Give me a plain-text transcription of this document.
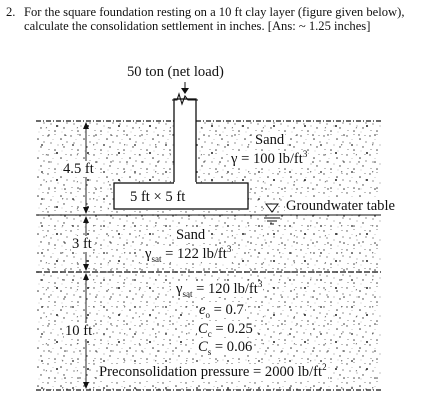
2. For the square foundation resting on a 10 ft clay layer (figure given below),
calculate the consolidation settlement in inches. [Ans: ~ 1.25 inches]
50 ton (net load)
4.5 ft
Sand
γ = 100 $lb/ft^3$
5 ft × 5 ft
Groundwater table
3 ft
Sand
$\gamma_{sat} = 122$ $lb/ft^3$
10 ft
$\gamma_{sat} = 120$ $lb/ft^3$
$e_o = 0.7$
$C_c = 0.25$
$C_s = 0.06$
Preconsolidation pressure = 2000 $lb/ft^2$
